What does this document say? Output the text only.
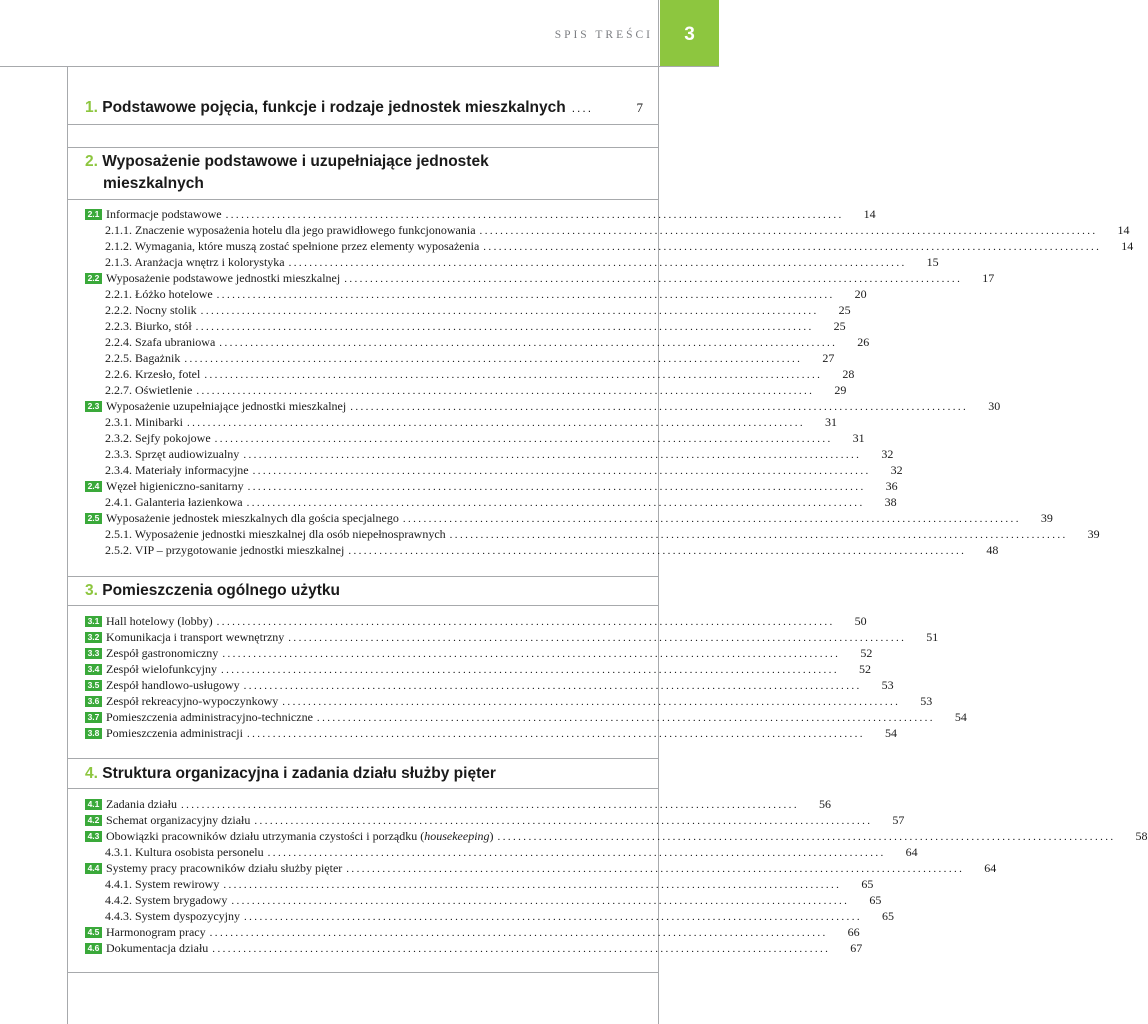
SPIS TREŚCI 3
1. Podstawowe pojęcia, funkcje i rodzaje jednostek mieszkalnych ....	7
2. Wyposażenie podstawowe i uzupełniające jednostek
mieszkalnych
2.1 Informacje podstawowe ........................................................................................................................	14
2.1.1. Znaczenie wyposażenia hotelu dla jego prawidłowego funkcjonowania ........................................................................................................................	14
2.1.2. Wymagania, które muszą zostać spełnione przez elementy wyposażenia ........................................................................................................................	14
2.1.3. Aranżacja wnętrz i kolorystyka ........................................................................................................................	15
2.2 Wyposażenie podstawowe jednostki mieszkalnej ........................................................................................................................	17
2.2.1. Łóżko hotelowe ........................................................................................................................	20
2.2.2. Nocny stolik ........................................................................................................................	25
2.2.3. Biurko, stół ........................................................................................................................	25
2.2.4. Szafa ubraniowa ........................................................................................................................	26
2.2.5. Bagażnik ........................................................................................................................	27
2.2.6. Krzesło, fotel ........................................................................................................................	28
2.2.7. Oświetlenie ........................................................................................................................	29
2.3 Wyposażenie uzupełniające jednostki mieszkalnej ........................................................................................................................	30
2.3.1. Minibarki ........................................................................................................................	31
2.3.2. Sejfy pokojowe ........................................................................................................................	31
2.3.3. Sprzęt audiowizualny ........................................................................................................................	32
2.3.4. Materiały informacyjne ........................................................................................................................	32
2.4 Węzeł higieniczno-sanitarny ........................................................................................................................	36
2.4.1. Galanteria łazienkowa ........................................................................................................................	38
2.5 Wyposażenie jednostek mieszkalnych dla gościa specjalnego ........................................................................................................................	39
2.5.1. Wyposażenie jednostki mieszkalnej dla osób niepełnosprawnych ........................................................................................................................	39
2.5.2. VIP – przygotowanie jednostki mieszkalnej ........................................................................................................................	48
3. Pomieszczenia ogólnego użytku
3.1 Hall hotelowy (lobby) ........................................................................................................................	50
3.2 Komunikacja i transport wewnętrzny ........................................................................................................................	51
3.3 Zespół gastronomiczny ........................................................................................................................	52
3.4 Zespół wielofunkcyjny ........................................................................................................................	52
3.5 Zespół handlowo-usługowy ........................................................................................................................	53
3.6 Zespół rekreacyjno-wypoczynkowy ........................................................................................................................	53
3.7 Pomieszczenia administracyjno-techniczne ........................................................................................................................	54
3.8 Pomieszczenia administracji ........................................................................................................................	54
4. Struktura organizacyjna i zadania działu służby pięter
4.1 Zadania działu ........................................................................................................................	56
4.2 Schemat organizacyjny działu ........................................................................................................................	57
4.3 Obowiązki pracowników działu utrzymania czystości i porządku (housekeeping) ........................................................................................................................	58
4.3.1. Kultura osobista personelu ........................................................................................................................	64
4.4 Systemy pracy pracowników działu służby pięter ........................................................................................................................	64
4.4.1. System rewirowy ........................................................................................................................	65
4.4.2. System brygadowy ........................................................................................................................	65
4.4.3. System dyspozycyjny ........................................................................................................................	65
4.5 Harmonogram pracy ........................................................................................................................	66
4.6 Dokumentacja działu ........................................................................................................................	67
